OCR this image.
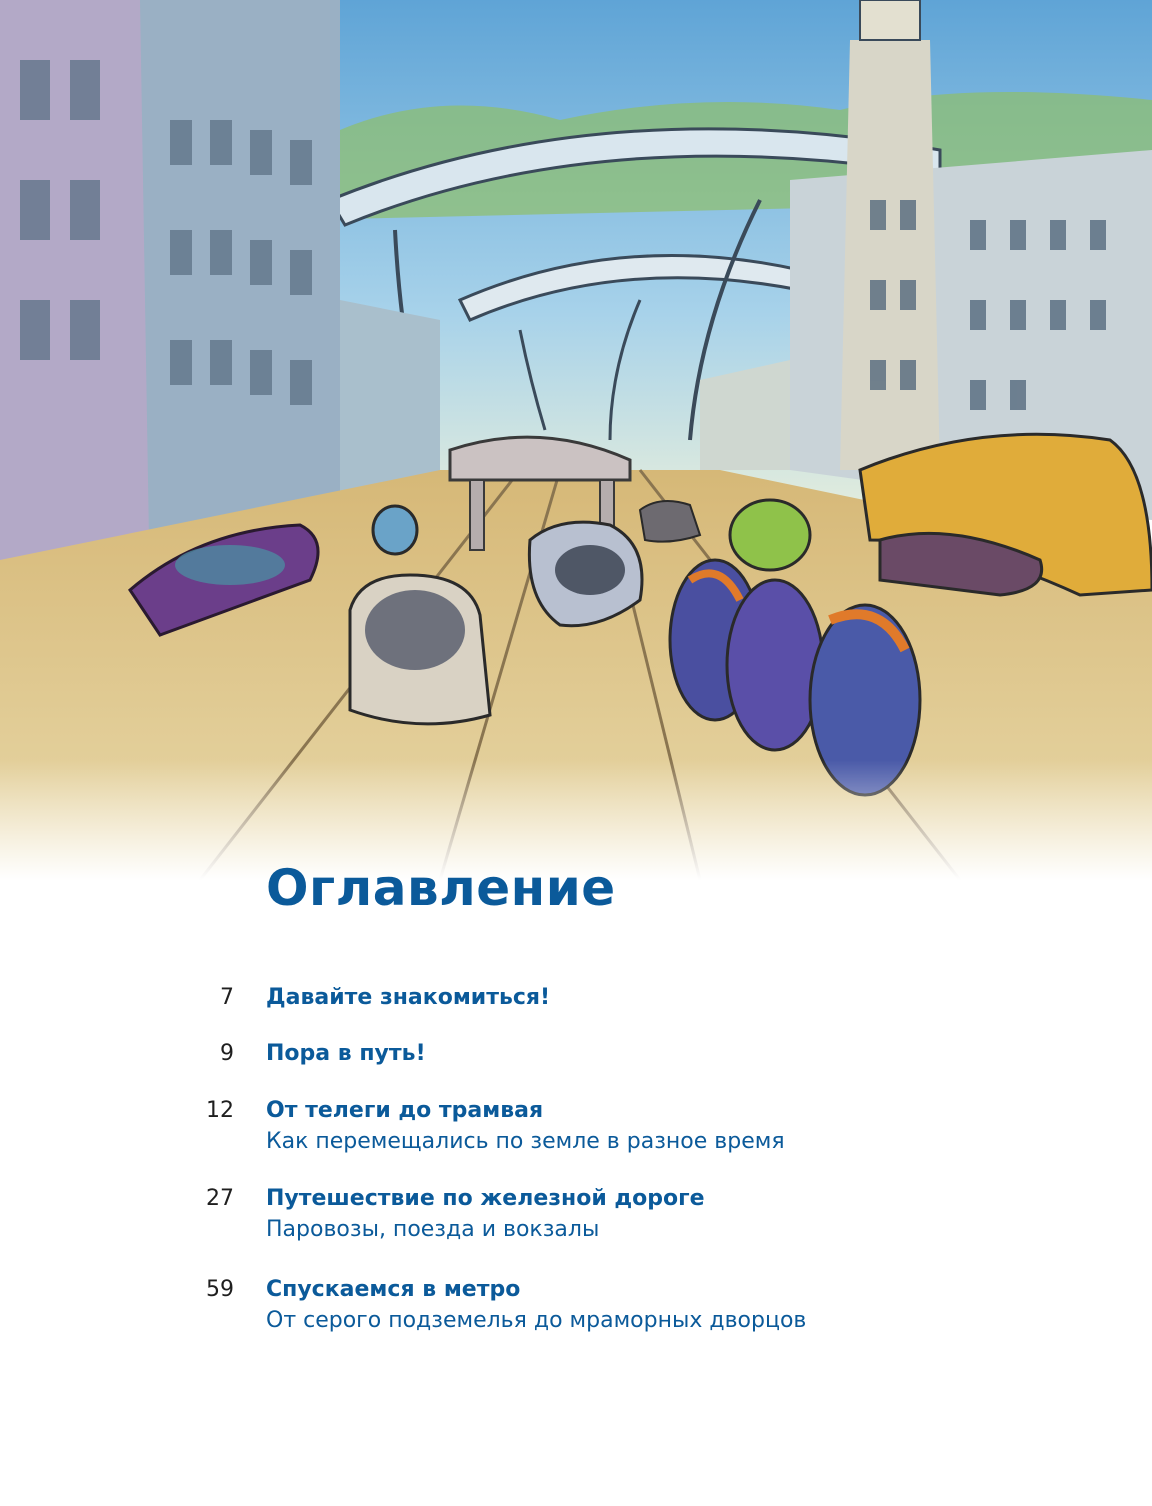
Оглавление
7 Давайте знакомиться!
9 Пора в путь!
12 От телеги до трамвая
Как перемещались по земле в разное время
27 Путешествие по железной дороге
Паровозы, поезда и вокзалы
59 Спускаемся в метро
От серого подземелья до мраморных дворцов
